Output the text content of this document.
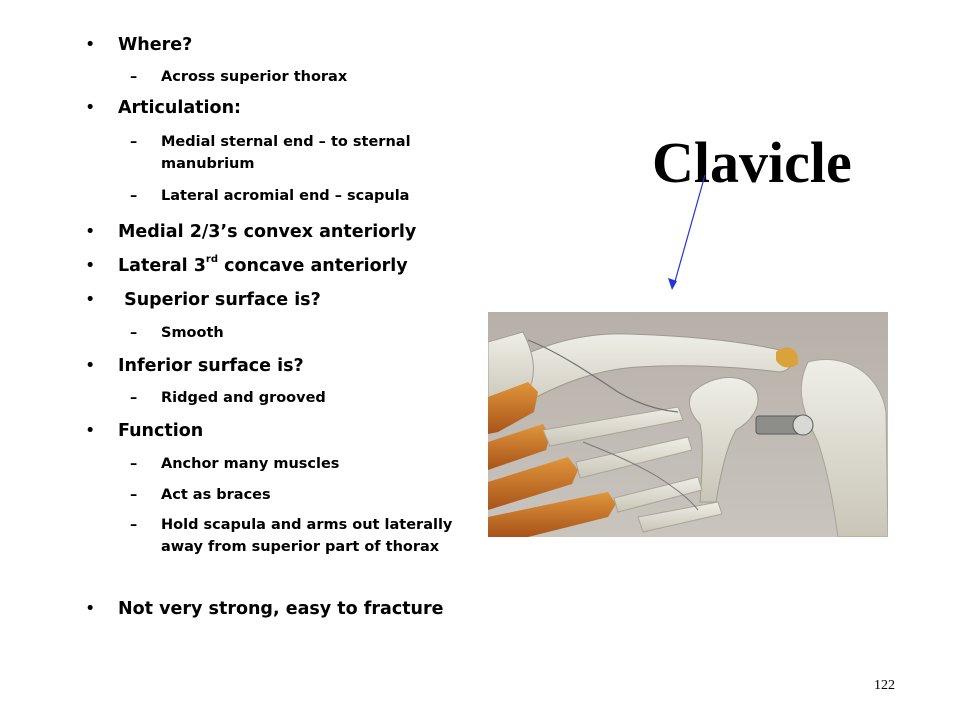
• Where?
– Across superior thorax
• Articulation:
– Medial sternal end – to sternal manubrium
– Lateral acromial end – scapula
• Medial 2/3’s convex anteriorly
• Lateral 3rd concave anteriorly
•  Superior surface is?
– Smooth
• Inferior surface is?
– Ridged and grooved
• Function
– Anchor many muscles
– Act as braces
– Hold scapula and arms out laterally away from superior part of thorax
• Not very strong, easy to fracture
Clavicle
122
